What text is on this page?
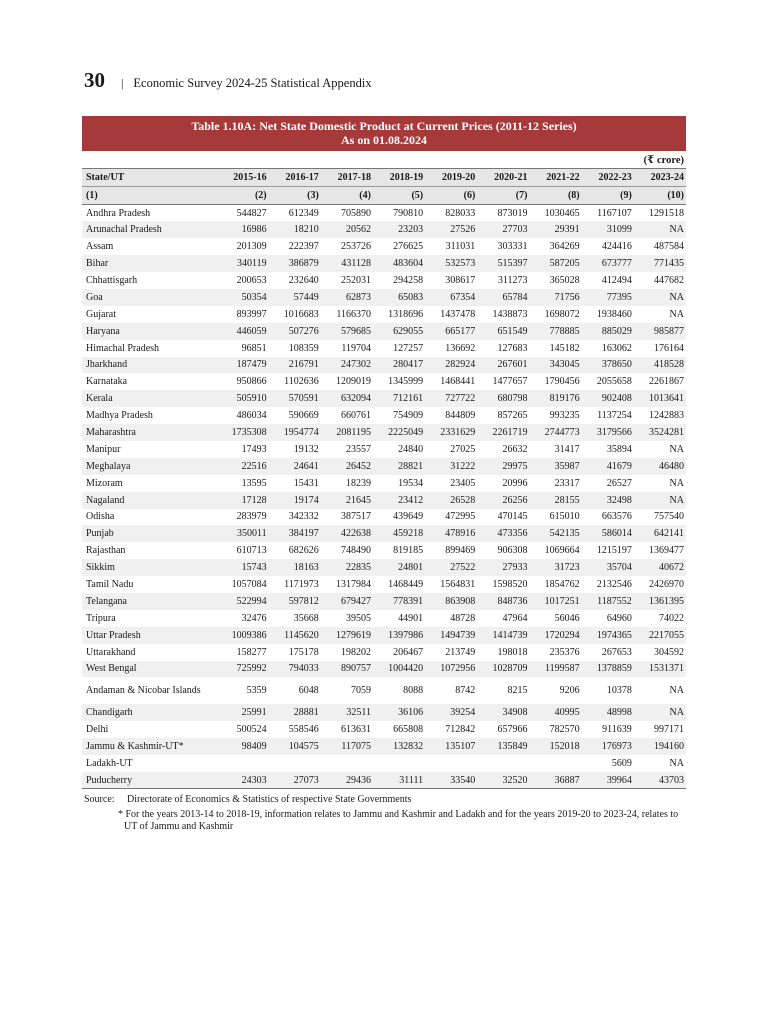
30 | Economic Survey 2024-25 Statistical Appendix
Table 1.10A: Net State Domestic Product at Current Prices (2011-12 Series)
As on 01.08.2024
(₹ crore)
State/UT	2015-16	2016-17	2017-18	2018-19	2019-20	2020-21	2021-22	2022-23	2023-24
(1)	(2)	(3)	(4)	(5)	(6)	(7)	(8)	(9)	(10)
Andhra Pradesh	544827	612349	705890	790810	828033	873019	1030465	1167107	1291518
Arunachal Pradesh	16986	18210	20562	23203	27526	27703	29391	31099	NA
Assam	201309	222397	253726	276625	311031	303331	364269	424416	487584
Bihar	340119	386879	431128	483604	532573	515397	587205	673777	771435
Chhattisgarh	200653	232640	252031	294258	308617	311273	365028	412494	447682
Goa	50354	57449	62873	65083	67354	65784	71756	77395	NA
Gujarat	893997	1016683	1166370	1318696	1437478	1438873	1698072	1938460	NA
Haryana	446059	507276	579685	629055	665177	651549	778885	885029	985877
Himachal Pradesh	96851	108359	119704	127257	136692	127683	145182	163062	176164
Jharkhand	187479	216791	247302	280417	282924	267601	343045	378650	418528
Karnataka	950866	1102636	1209019	1345999	1468441	1477657	1790456	2055658	2261867
Kerala	505910	570591	632094	712161	727722	680798	819176	902408	1013641
Madhya Pradesh	486034	590669	660761	754909	844809	857265	993235	1137254	1242883
Maharashtra	1735308	1954774	2081195	2225049	2331629	2261719	2744773	3179566	3524281
Manipur	17493	19132	23557	24840	27025	26632	31417	35894	NA
Meghalaya	22516	24641	26452	28821	31222	29975	35987	41679	46480
Mizoram	13595	15431	18239	19534	23405	20996	23317	26527	NA
Nagaland	17128	19174	21645	23412	26528	26256	28155	32498	NA
Odisha	283979	342332	387517	439649	472995	470145	615010	663576	757540
Punjab	350011	384197	422638	459218	478916	473356	542135	586014	642141
Rajasthan	610713	682626	748490	819185	899469	906308	1069664	1215197	1369477
Sikkim	15743	18163	22835	24801	27522	27933	31723	35704	40672
Tamil Nadu	1057084	1171973	1317984	1468449	1564831	1598520	1854762	2132546	2426970
Telangana	522994	597812	679427	778391	863908	848736	1017251	1187552	1361395
Tripura	32476	35668	39505	44901	48728	47964	56046	64960	74022
Uttar Pradesh	1009386	1145620	1279619	1397986	1494739	1414739	1720294	1974365	2217055
Uttarakhand	158277	175178	198202	206467	213749	198018	235376	267653	304592
West Bengal	725992	794033	890757	1004420	1072956	1028709	1199587	1378859	1531371
Andaman & Nicobar Islands	5359	6048	7059	8088	8742	8215	9206	10378	NA
Chandigarh	25991	28881	32511	36106	39254	34908	40995	48998	NA
Delhi	500524	558546	613631	665808	712842	657966	782570	911639	997171
Jammu & Kashmir-UT*	98409	104575	117075	132832	135107	135849	152018	176973	194160
Ladakh-UT								5609	NA
Puducherry	24303	27073	29436	31111	33540	32520	36887	39964	43703
Source:	Directorate of Economics & Statistics of respective State Governments
* For the years 2013-14 to 2018-19, information relates to Jammu and Kashmir and Ladakh and for the years 2019-20 to 2023-24, relates to UT of Jammu and Kashmir
